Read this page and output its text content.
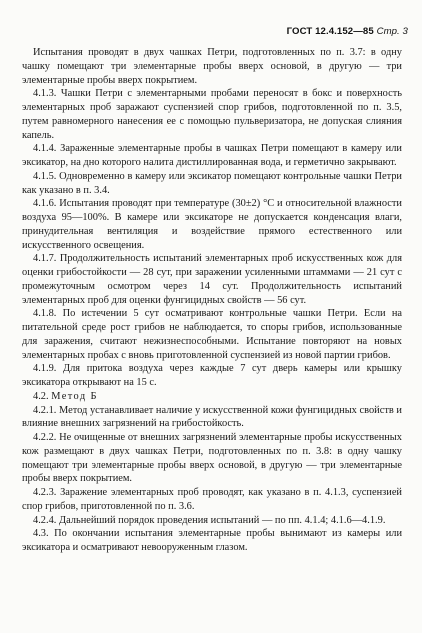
ГОСТ 12.4.152—85 Стр. 3

Испытания проводят в двух чашках Петри, подготовленных по п. 3.7: в одну чашку помещают три элементарные пробы вверх основой, в другую — три элементарные пробы вверх покрытием.

4.1.3. Чашки Петри с элементарными пробами переносят в бокс и поверхность элементарных проб заражают суспензией спор грибов, подготовленной по п. 3.5, путем равномерного нанесения ее с помощью пульверизатора, не допуская слияния капель.

4.1.4. Зараженные элементарные пробы в чашках Петри помещают в камеру или эксикатор, на дно которого налита дистиллированная вода, и герметично закрывают.

4.1.5. Одновременно в камеру или эксикатор помещают контрольные чашки Петри как указано в п. 3.4.

4.1.6. Испытания проводят при температуре (30±2) °С и относительной влажности воздуха 95—100%. В камере или эксикаторе не допускается конденсация влаги, принудительная вентиляция и воздействие прямого естественного или искусственного освещения.

4.1.7. Продолжительность испытаний элементарных проб искусственных кож для оценки грибостойкости — 28 сут, при заражении усиленными штаммами — 21 сут с промежуточным осмотром через 14 сут. Продолжительность испытаний элементарных проб для оценки фунгицидных свойств — 56 сут.

4.1.8. По истечении 5 сут осматривают контрольные чашки Петри. Если на питательной среде рост грибов не наблюдается, то споры грибов, использованные для заражения, считают нежизнеспособными. Испытание повторяют на новых элементарных пробах с вновь приготовленной суспензией из новой партии грибов.

4.1.9. Для притока воздуха через каждые 7 сут дверь камеры или крышку эксикатора открывают на 15 с.

4.2. Метод Б

4.2.1. Метод устанавливает наличие у искусственной кожи фунгицидных свойств и влияние внешних загрязнений на грибостойкость.

4.2.2. Не очищенные от внешних загрязнений элементарные пробы искусственных кож размещают в двух чашках Петри, подготовленных по п. 3.8: в одну чашку помещают три элементарные пробы вверх основой, в другую — три элементарные пробы вверх покрытием.

4.2.3. Заражение элементарных проб проводят, как указано в п. 4.1.3, суспензией спор грибов, приготовленной по п. 3.6.

4.2.4. Дальнейший порядок проведения испытаний — по пп. 4.1.4; 4.1.6—4.1.9.

4.3. По окончании испытания элементарные пробы вынимают из камеры или эксикатора и осматривают невооруженным глазом.
